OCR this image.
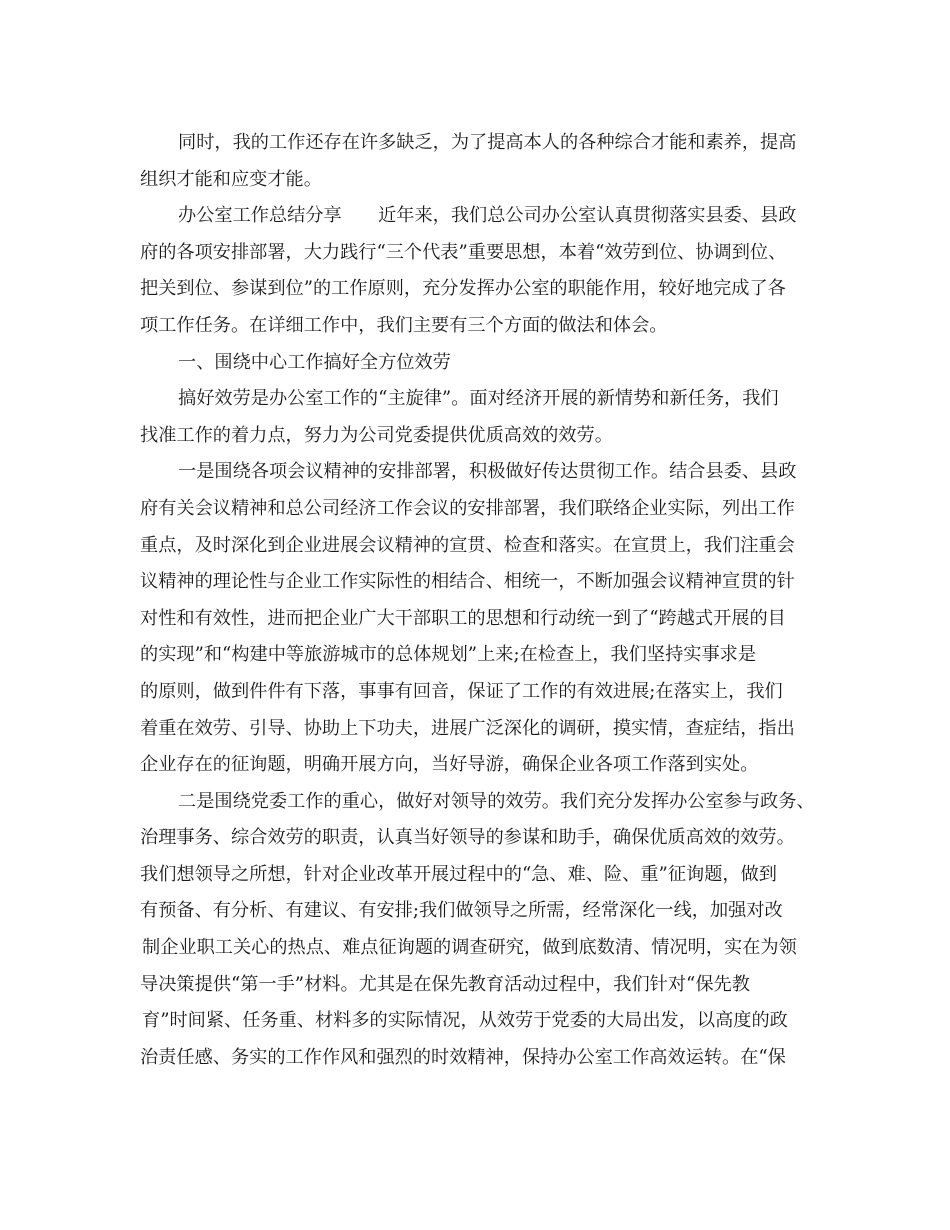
同时，我的工作还存在许多缺乏，为了提高本人的各种综合才能和素养，提高
组织才能和应变才能。
办公室工作总结分享　　近年来，我们总公司办公室认真贯彻落实县委、县政
府的各项安排部署，大力践行“三个代表”重要思想，本着“效劳到位、协调到位、
把关到位、参谋到位”的工作原则，充分发挥办公室的职能作用，较好地完成了各
项工作任务。在详细工作中，我们主要有三个方面的做法和体会。
一、围绕中心工作搞好全方位效劳
搞好效劳是办公室工作的“主旋律”。面对经济开展的新情势和新任务，我们
找准工作的着力点，努力为公司党委提供优质高效的效劳。
一是围绕各项会议精神的安排部署，积极做好传达贯彻工作。结合县委、县政
府有关会议精神和总公司经济工作会议的安排部署，我们联络企业实际，列出工作
重点，及时深化到企业进展会议精神的宣贯、检查和落实。在宣贯上，我们注重会
议精神的理论性与企业工作实际性的相结合、相统一，不断加强会议精神宣贯的针
对性和有效性，进而把企业广大干部职工的思想和行动统一到了“跨越式开展的目
的实现”和“构建中等旅游城市的总体规划”上来;在检查上，我们坚持实事求是
的原则，做到件件有下落，事事有回音，保证了工作的有效进展;在落实上，我们
着重在效劳、引导、协助上下功夫，进展广泛深化的调研，摸实情，查症结，指出
企业存在的征询题，明确开展方向，当好导游，确保企业各项工作落到实处。
二是围绕党委工作的重心，做好对领导的效劳。我们充分发挥办公室参与政务、
治理事务、综合效劳的职责，认真当好领导的参谋和助手，确保优质高效的效劳。
我们想领导之所想，针对企业改革开展过程中的“急、难、险、重”征询题，做到
有预备、有分析、有建议、有安排;我们做领导之所需，经常深化一线，加强对改
制企业职工关心的热点、难点征询题的调查研究，做到底数清、情况明，实在为领
导决策提供“第一手”材料。尤其是在保先教育活动过程中，我们针对“保先教
育”时间紧、任务重、材料多的实际情况，从效劳于党委的大局出发，以高度的政
治责任感、务实的工作作风和强烈的时效精神，保持办公室工作高效运转。在“保
